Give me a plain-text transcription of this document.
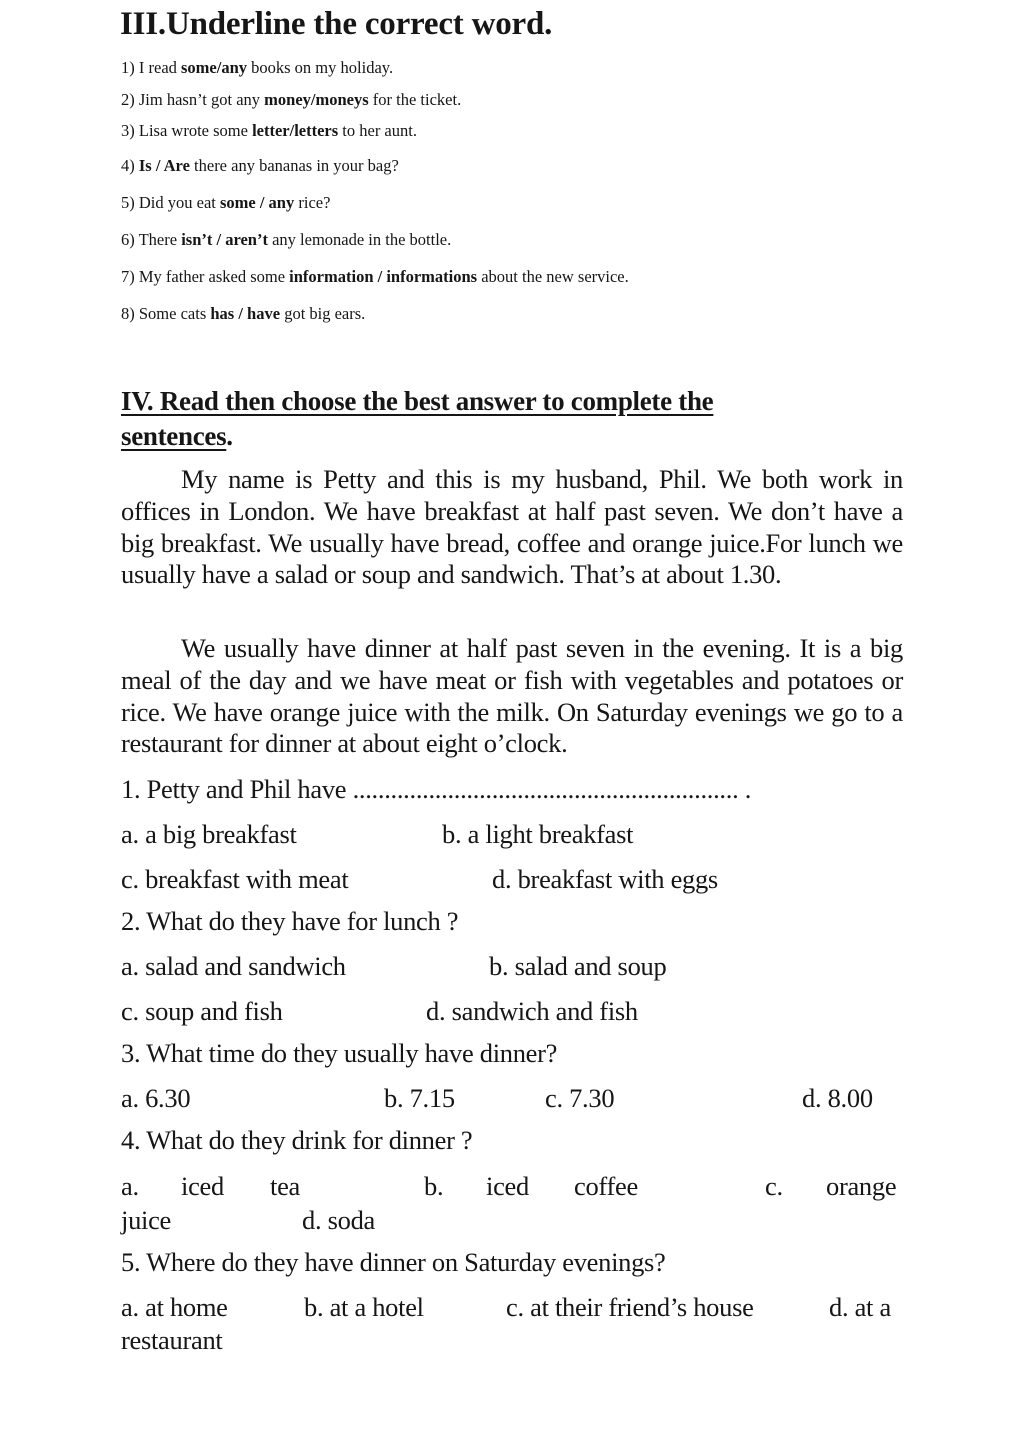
III.Underline the correct word.
1) I read some/any books on my holiday.
2) Jim hasn’t got any money/moneys for the ticket.
3) Lisa wrote some letter/letters to her aunt.
4) Is / Are there any bananas in your bag?
5) Did you eat some / any rice?
6) There isn’t / aren’t any lemonade in the bottle.
7) My father asked some information / informations about the new service.
8) Some cats has / have got big ears.
IV. Read then choose the best answer to complete the
sentences.
My name is Petty and this is my husband, Phil. We both work in offices in London. We have breakfast at half past seven. We don’t have a big breakfast. We usually have bread, coffee and orange juice.For lunch we usually have a salad or soup and sandwich. That’s at about 1.30.
We usually have dinner at half past seven in the evening. It is a big meal of the day and we have meat or fish with vegetables and potatoes or rice. We have orange juice with the milk. On Saturday evenings we go to a restaurant for dinner at about eight o’clock.
1. Petty and Phil have ............................................................. .
a. a big breakfast	b. a light breakfast
c. breakfast with meat	d. breakfast with eggs
2. What do they have for lunch ?
a. salad and sandwich	b. salad and soup
c. soup and fish	d. sandwich and fish
3. What time do they usually have dinner?
a. 6.30	b. 7.15	c. 7.30	d. 8.00
4. What do they drink for dinner ?
a. iced tea	b. iced coffee	c. orange
juice	d. soda
5. Where do they have dinner on Saturday evenings?
a. at home	b. at a hotel	c. at their friend’s house	d. at a
restaurant
